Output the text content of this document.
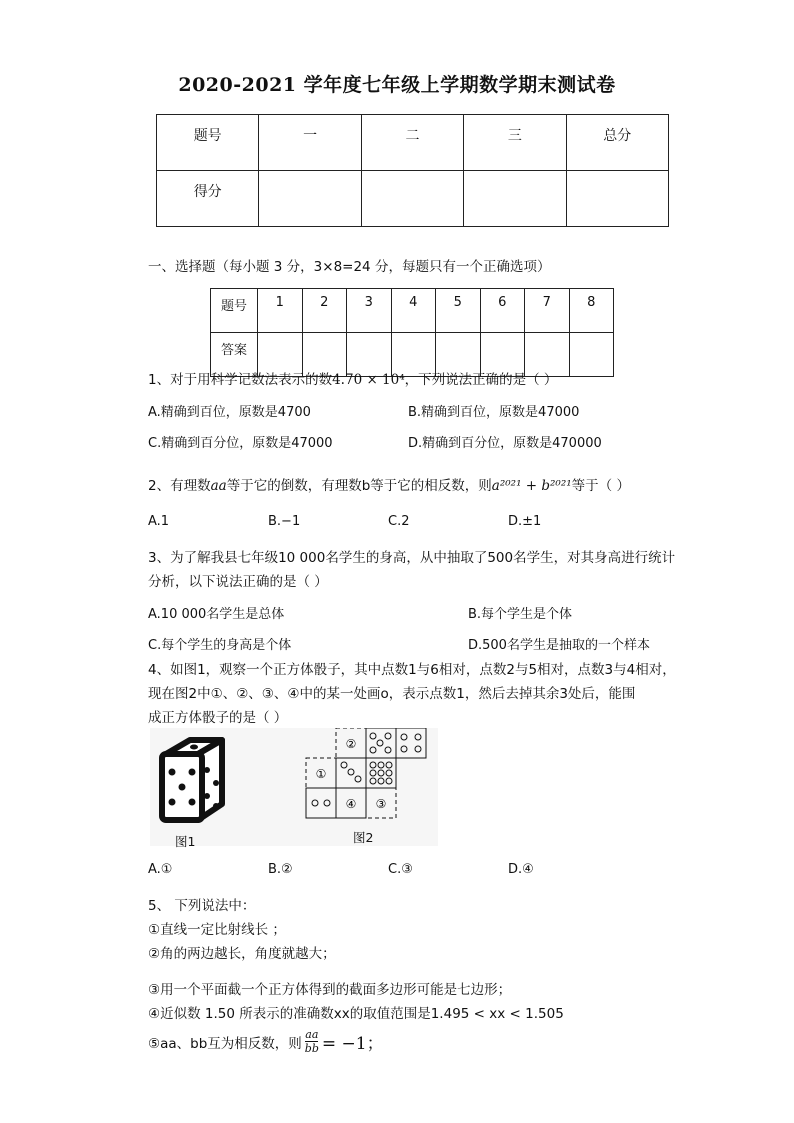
2020-2021 学年度七年级上学期数学期末测试卷
题号	一	二	三	总分
得分				
一、选择题（每小题 3 分，3×8=24 分，每题只有一个正确选项）
题号	1	2	3	4	5	6	7	8
答案								
1、对于用科学记数法表示的数4.70 × 10⁴，下列说法正确的是（ ）
A.精确到百位，原数是4700	B.精确到百位，原数是47000
C.精确到百分位，原数是47000	D.精确到百分位，原数是470000
2、有理数aa等于它的倒数，有理数b等于它的相反数，则a²⁰²¹ + b²⁰²¹等于（ ）
A.1	B.−1	C.2	D.±1
3、为了解我县七年级10 000名学生的身高，从中抽取了500名学生，对其身高进行统计
分析，以下说法正确的是（ ）
A.10 000名学生是总体	B.每个学生是个体
C.每个学生的身高是个体	D.500名学生是抽取的一个样本
4、如图1，观察一个正方体骰子，其中点数1与6相对，点数2与5相对，点数3与4相对，
现在图2中①、②、③、④中的某一处画o，表示点数1，然后去掉其余3处后，能围
成正方体骰子的是（ ）
图1
②
①
④ ③
图2
A.①	B.②	C.③	D.④
5、 下列说法中：
①直线一定比射线长 ；
②角的两边越长，角度就越大；
③用一个平面截一个正方体得到的截面多边形可能是七边形；
④近似数 1.50 所表示的准确数xx的取值范围是1.495 < xx < 1.505
⑤aa、bb互为相反数，则 $\frac{aa}{bb} = -1$；
